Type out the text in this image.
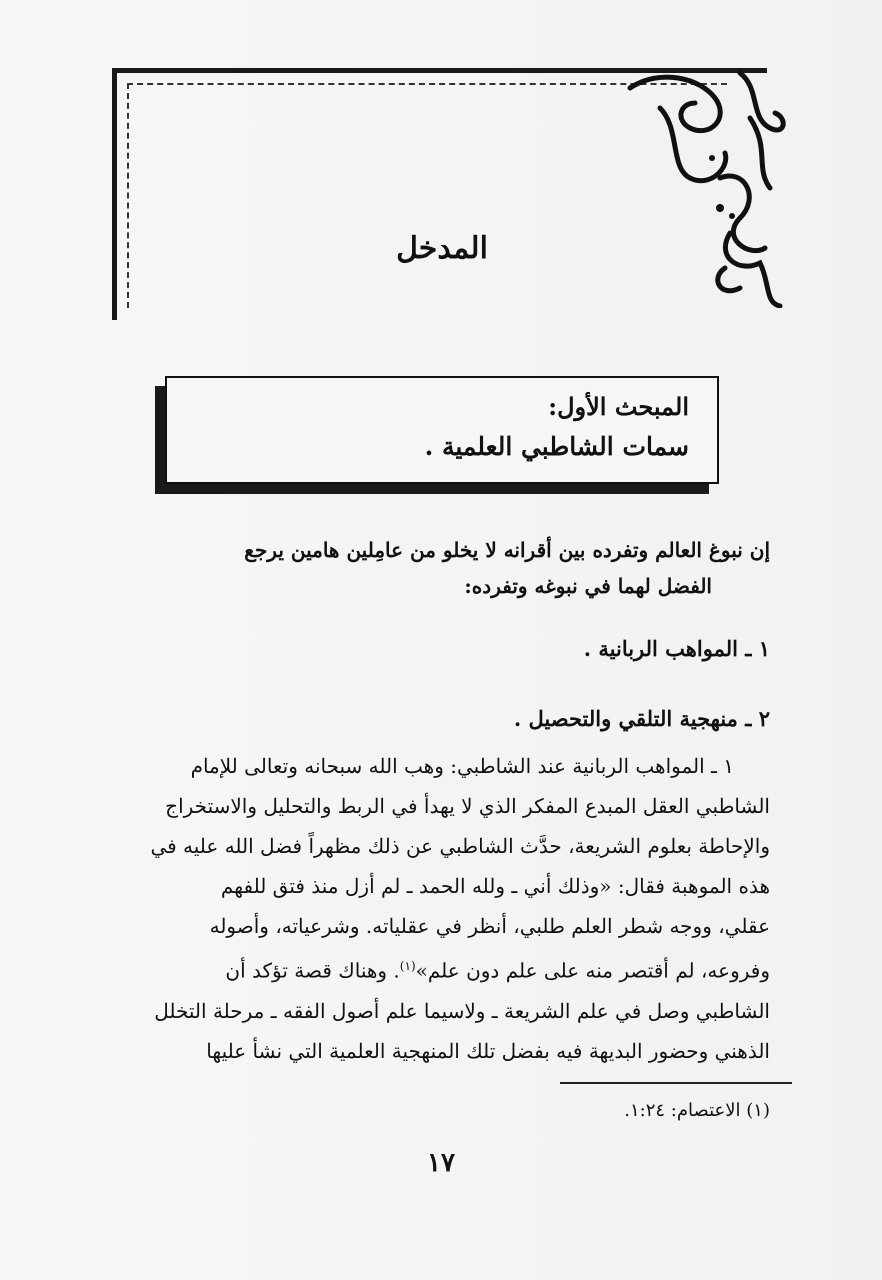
المدخل
المبحث الأول:
سمات الشاطبي العلمية .
إن نبوغ العالم وتفرده بين أقرانه لا يخلو من عامِلين هامين يرجع
الفضل لهما في نبوغه وتفرده:
١ ـ المواهب الربانية .
٢ ـ منهجية التلقي والتحصيل .
١ ـ المواهب الربانية عند الشاطبي: وهب الله سبحانه وتعالى للإمام
الشاطبي العقل المبدع المفكر الذي لا يهدأ في الربط والتحليل والاستخراج
والإحاطة بعلوم الشريعة، حدَّث الشاطبي عن ذلك مظهراً فضل الله عليه في
هذه الموهبة فقال: «وذلك أني ـ ولله الحمد ـ لم أزل منذ فتق للفهم
عقلي، ووجه شطر العلم طلبي، أنظر في عقلياته. وشرعياته، وأصوله
وفروعه، لم أقتصر منه على علم دون علم»$^{(١)}$. وهناك قصة تؤكد أن
الشاطبي وصل في علم الشريعة ـ ولاسيما علم أصول الفقه ـ مرحلة التخلل
الذهني وحضور البديهة فيه بفضل تلك المنهجية العلمية التي نشأ عليها
(١) الاعتصام: ١:٢٤.
١٧
